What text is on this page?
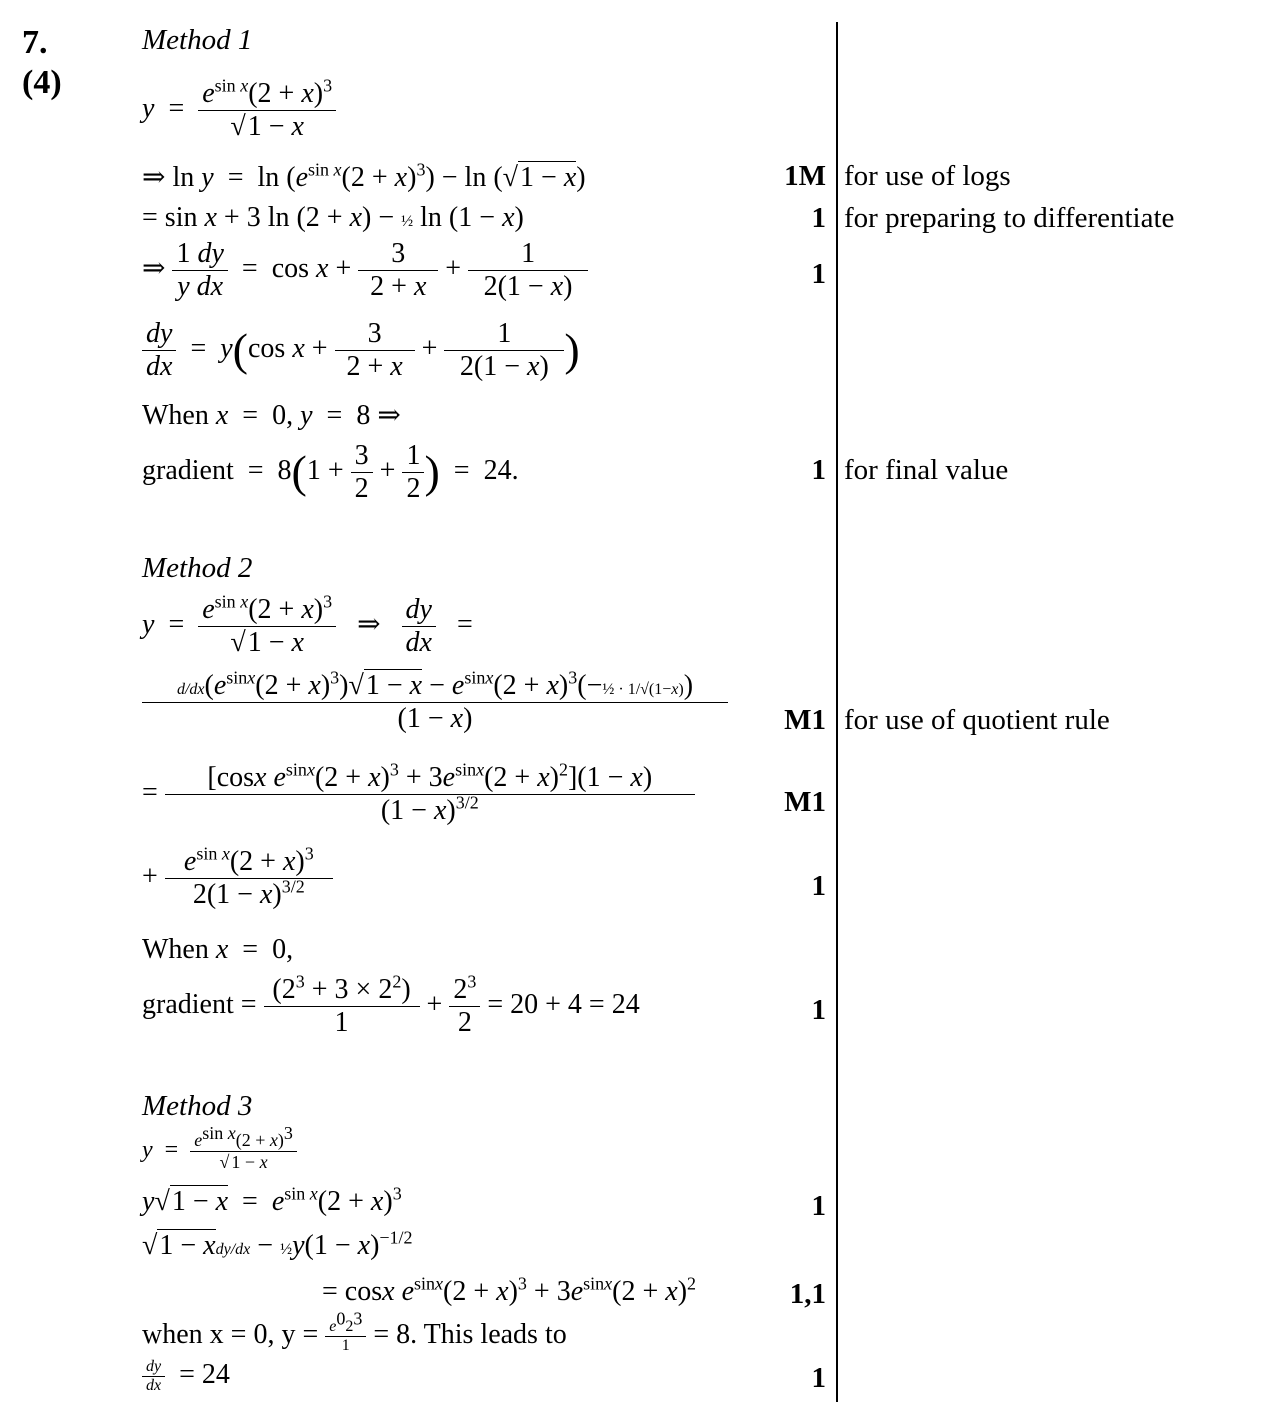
7.
(4)
Method 1
$y = \frac{e^{sin x}(2 + x)^3}{√1 - x}$
⇒ $\ln y = \ln (e^{sin x}(2 + x)^3) - \ln (√1 - x)$
= sin x + 3 ln (2 + x) − ½ ln (1 − x)
⇒ $\frac{1 dy}{\text{y dx}} = \cos x + \frac{3}{2 + x} + \frac{1}{2(1 - x)}$
$\frac{dy}{dx} = y(\cos$ $x + \frac{3}{2 + x} + \frac{1}{2(1 - x)}$ )
When x  =  0, y  =  8 ⇒
gradient  =  $8(1 + \frac{3}{2} + \frac{1}{2}$ )  =  24.
1M for use of logs
1 for preparing to differentiate
1
1 for final value
Method 2
$y = \frac{e^{sin x}(2 + x)^3}{√1 - x}$ ⇒ $\frac{dy}{dx}$ =
$\frac{d/dx(e^{sinx}(2 + x)^3)√1 - x - e^{sinx}(2 + x)^3(-\frac{1}{2} \cdot 1/√(1-x))}{(1 - x)}$
= $\frac{[\cos x e^{sinx}(2 + x)^3 + 3e^{sinx}(2 + x)^2](1 - x)}{(1 - x)^{3/2}}$
+ $\frac{e^{sin x}(2 + x)^3}{2(1 - x)^{3/2}}$
When x  =  0,
gradient = $\frac{(2^3 + 3 \times 2^2)}{1} + \frac{2^3}{2} = 20 + 4 = 24$
M1 for use of quotient rule
M1
1
1
Method 3
$y = \frac{\text{esin x(2 + x)3}}{√ 1 - x}$
$y√1 - x = e^{sin x}(2 + x)^3$
√1 − xdy/dx − ½y(1 − x)$^{-1/2}$
= cosx $e^{sinx}(2 + x)^3 + 3e^{sinx}(2 + x)^2$
when x = 0, $y = \frac{e023}{1} = 8$. This leads to
$\frac{dy}{dx} = 24$
1
1,1
1
